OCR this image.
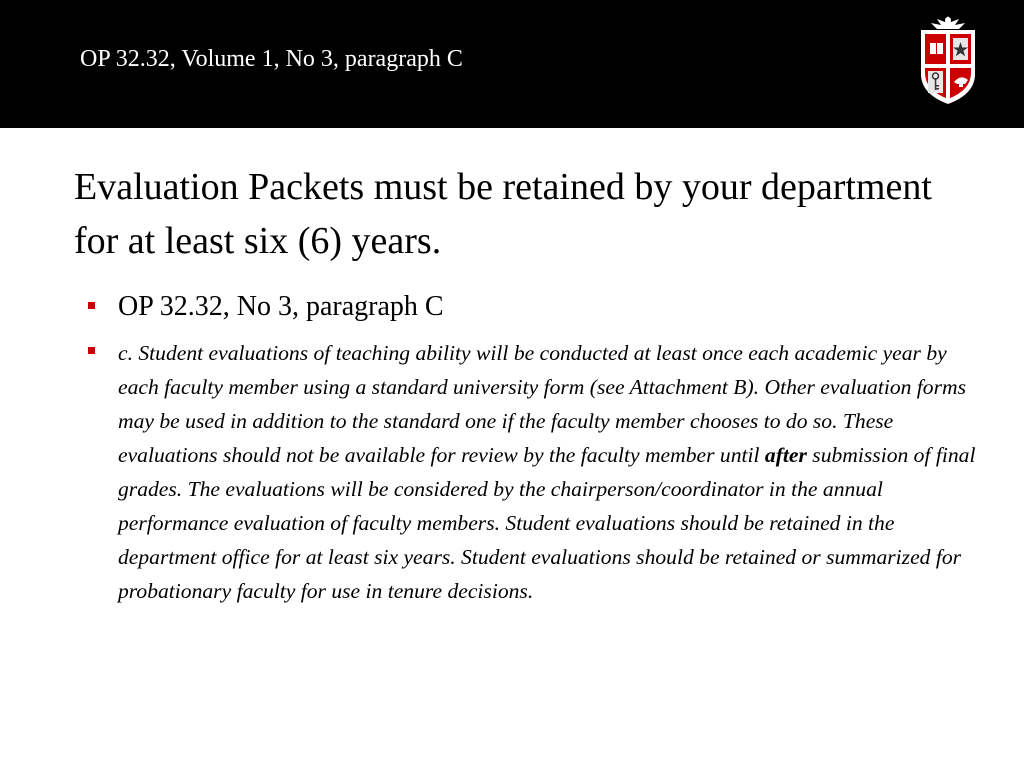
OP 32.32, Volume 1, No 3, paragraph C
Evaluation Packets must be retained by your department for at least six (6) years.
OP 32.32, No 3, paragraph C
c. Student evaluations of teaching ability will be conducted at least once each academic year by each faculty member using a standard university form (see Attachment B). Other evaluation forms may be used in addition to the standard one if the faculty member chooses to do so. These evaluations should not be available for review by the faculty member until after submission of final grades. The evaluations will be considered by the chairperson/coordinator in the annual performance evaluation of faculty members. Student evaluations should be retained in the department office for at least six years. Student evaluations should be retained or summarized for probationary faculty for use in tenure decisions.
